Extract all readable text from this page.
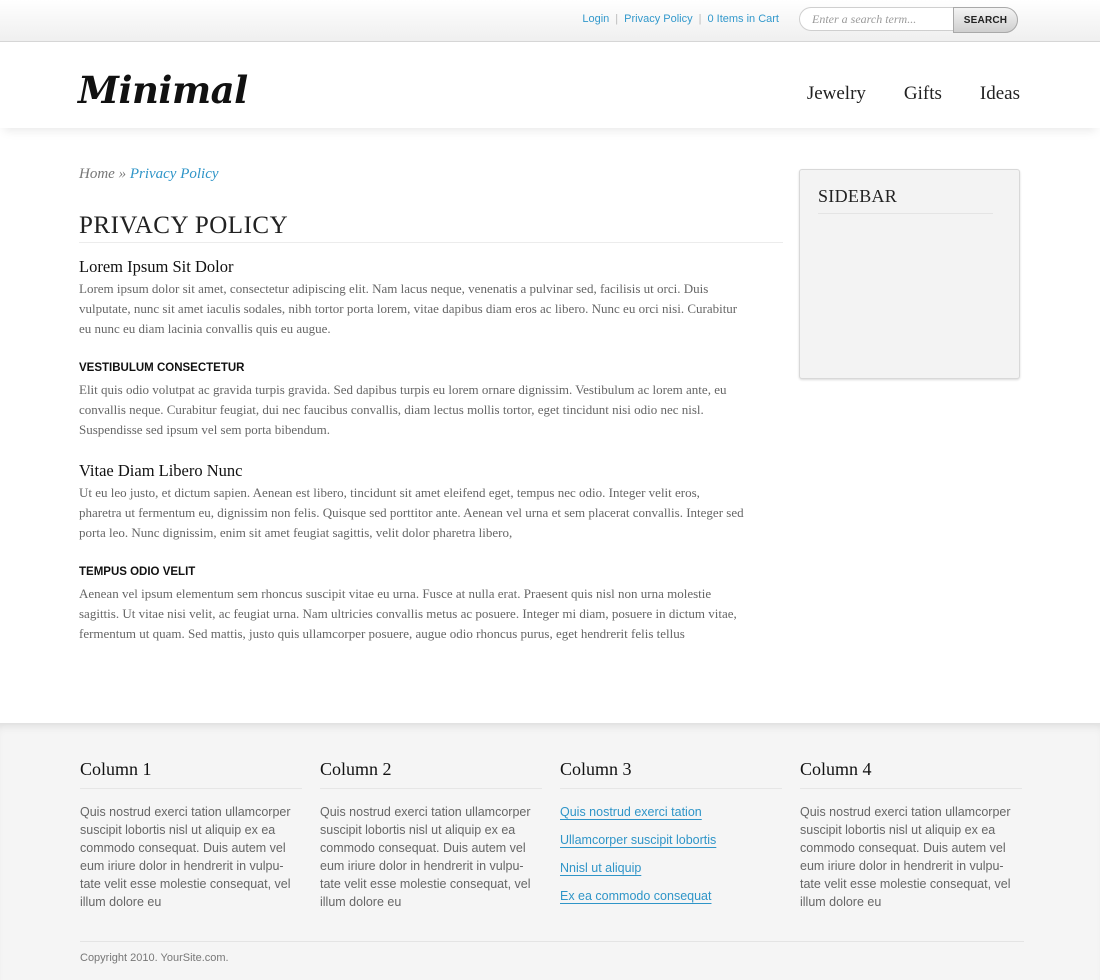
Login | Privacy Policy | 0 Items in Cart
Enter a search term...	SEARCH
Minimal	Jewelry Gifts Ideas
Home » Privacy Policy
PRIVACY POLICY
Lorem Ipsum Sit Dolor

Lorem ipsum dolor sit amet, consectetur adipiscing elit. Nam lacus neque, venenatis a pulvinar sed, facilisis ut orci. Duis vulputate, nunc sit amet iaculis sodales, nibh tortor porta lorem, vitae dapibus diam eros ac libero. Nunc eu orci nisi. Curabitur eu nunc eu diam lacinia convallis quis eu augue.

VESTIBULUM CONSECTETUR

Elit quis odio volutpat ac gravida turpis gravida. Sed dapibus turpis eu lorem ornare dignissim. Vestibulum ac lorem ante, eu convallis neque. Curabitur feugiat, dui nec faucibus convallis, diam lectus mollis tortor, eget tincidunt nisi odio nec nisl. Suspendisse sed ipsum vel sem porta bibendum.

Vitae Diam Libero Nunc

Ut eu leo justo, et dictum sapien. Aenean est libero, tincidunt sit amet eleifend eget, tempus nec odio. Integer velit eros, pharetra ut fermentum eu, dignissim non felis. Quisque sed porttitor ante. Aenean vel urna et sem placerat convallis. Integer sed porta leo. Nunc dignissim, enim sit amet feugiat sagittis, velit dolor pharetra libero,

TEMPUS ODIO VELIT

Aenean vel ipsum elementum sem rhoncus suscipit vitae eu urna. Fusce at nulla erat. Praesent quis nisl non urna molestie sagittis. Ut vitae nisi velit, ac feugiat urna. Nam ultricies convallis metus ac posuere. Integer mi diam, posuere in dictum vitae, fermentum ut quam. Sed mattis, justo quis ullamcorper posuere, augue odio rhoncus purus, eget hendrerit felis tellus

SIDEBAR
Column 1

Quis nostrud exerci tation ullamcorper suscipit lobortis nisl ut aliquip ex ea commodo consequat. Duis autem vel eum iriure dolor in hendrerit in vulpu-tate velit esse molestie consequat, vel illum dolore eu

Column 2

Quis nostrud exerci tation ullamcorper suscipit lobortis nisl ut aliquip ex ea commodo consequat. Duis autem vel eum iriure dolor in hendrerit in vulpu-tate velit esse molestie consequat, vel illum dolore eu

Column 3
Quis nostrud exerci tation
Ullamcorper suscipit lobortis
Nnisl ut aliquip
Ex ea commodo consequat
Column 4

Quis nostrud exerci tation ullamcorper suscipit lobortis nisl ut aliquip ex ea commodo consequat. Duis autem vel eum iriure dolor in hendrerit in vulpu-tate velit esse molestie consequat, vel illum dolore eu

Copyright 2010. YourSite.com.
